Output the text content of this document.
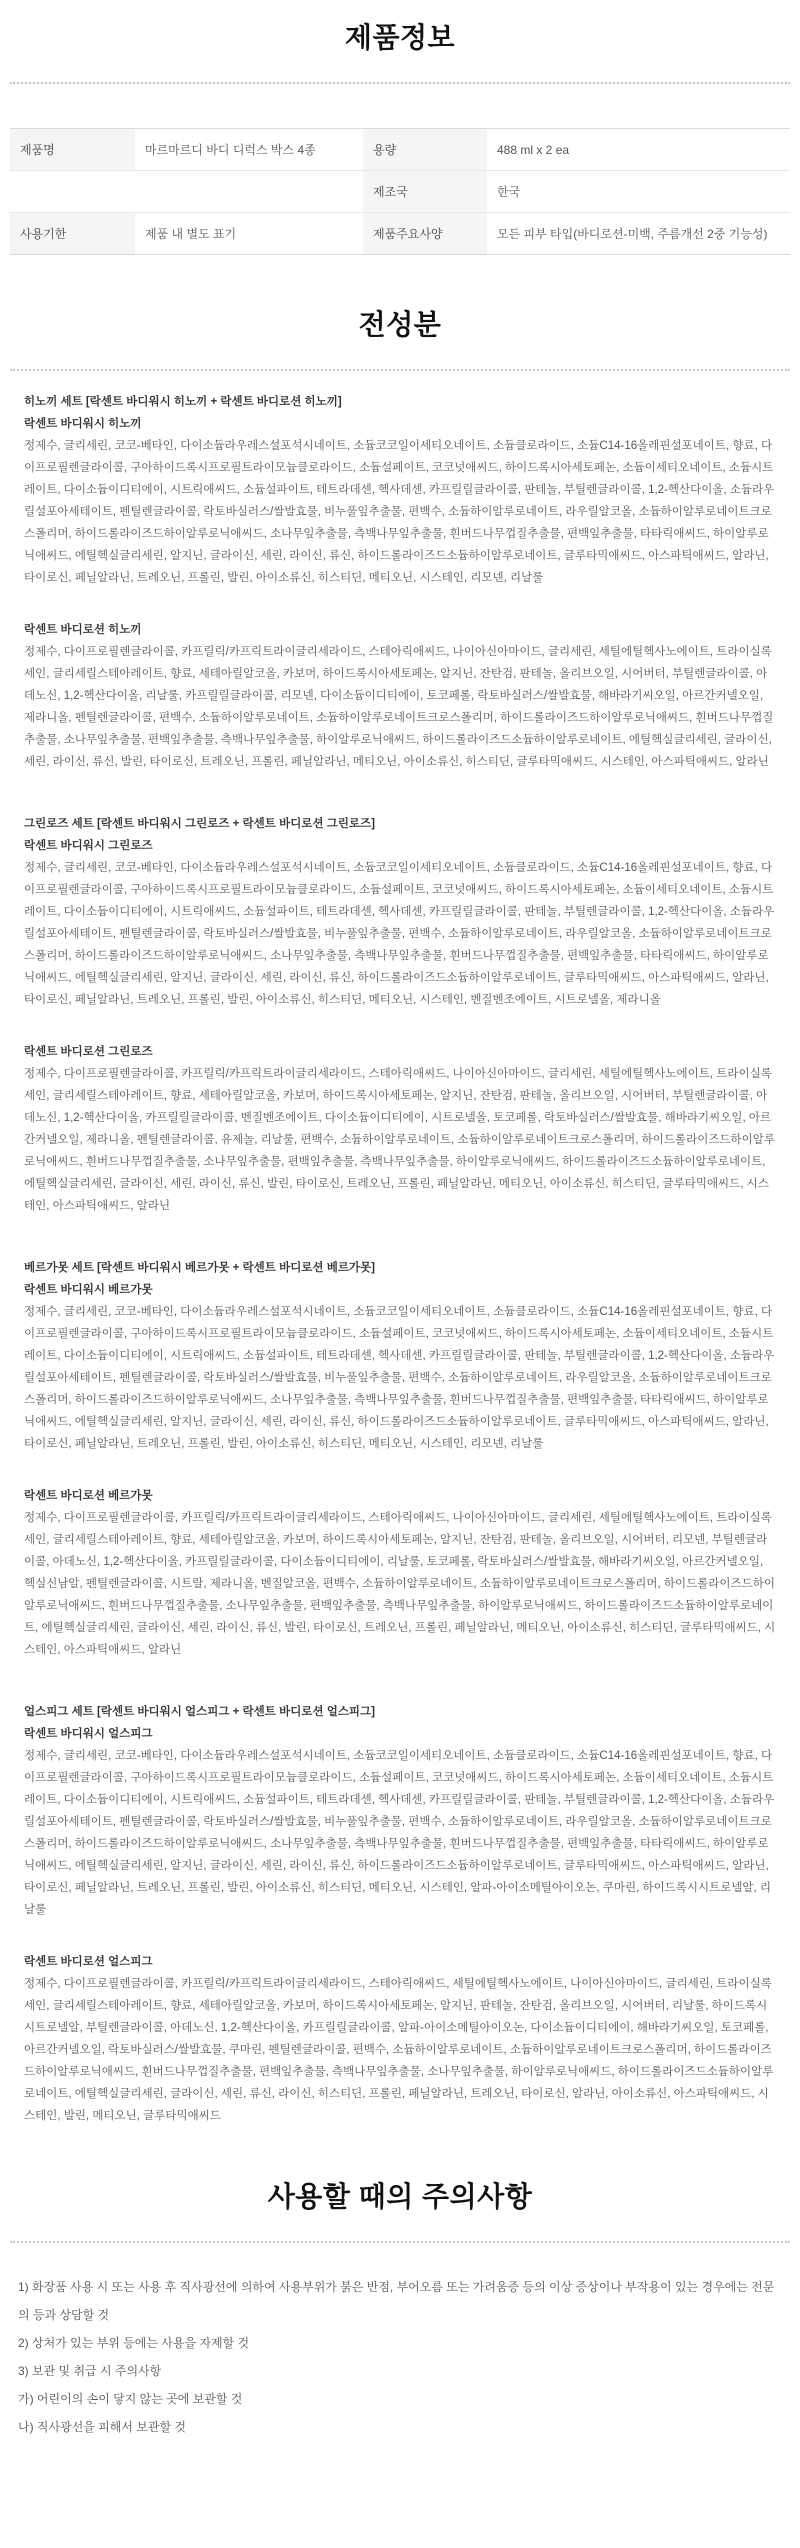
제품정보
제품명	마르마르디 바디 디럭스 박스 4종	용량	488 ml x 2 ea
		제조국	한국
사용기한	제품 내 별도 표기	제품주요사양	모든 피부 타입(바디로션-미백, 주름개선 2중 기능성)
전성분
히노끼 세트 [락센트 바디워시 히노끼 + 락센트 바디로션 히노끼]
락센트 바디워시 히노끼

정제수, 글리세린, 코코-베타인, 다이소듐라우레스설포석시네이트, 소듐코코일이세티오네이트, 소듐클로라이드, 소듐C14-16올레핀설포네이트, 향료, 다이프로필렌글라이콜, 구아하이드록시프로필트라이모늄클로라이드, 소듐설페이트, 코코넛애씨드, 하이드록시아세토페논, 소듐이세티오네이트, 소듐시트레이트, 다이소듐이디티에이, 시트릭애씨드, 소듐설파이트, 테트라데센, 헥사데센, 카프릴릴글라이콜, 판테놀, 부틸렌글라이콜, 1,2-헥산다이올, 소듐라우릴설포아세테이트, 펜틸렌글라이콜, 락토바실러스/쌀발효물, 비누풀잎추출물, 편백수, 소듐하이알루로네이트, 라우릴알코올, 소듐하이알루로네이트크로스폴리머, 하이드롤라이즈드하이알루로닉애씨드, 소나무잎추출물, 측백나무잎추출물, 흰버드나무껍질추출물, 편백잎추출물, 타타릭애씨드, 하이알루로닉애씨드, 에틸헥실글리세린, 알지닌, 글라이신, 세린, 라이신, 류신, 하이드롤라이즈드소듐하이알루로네이트, 글루타믹애씨드, 아스파틱애씨드, 알라닌, 타이로신, 페닐알라닌, 트레오닌, 프롤린, 발린, 아이소류신, 히스티딘, 메티오닌, 시스테인, 리모넨, 리날룰

락센트 바디로션 히노끼

정제수, 다이프로필렌글라이콜, 카프릴릭/카프릭트라이글리세라이드, 스테아릭애씨드, 나이아신아마이드, 글리세린, 세틸에틸헥사노에이트, 트라이실록세인, 글리세릴스테아레이트, 향료, 세테아릴알코올, 카보머, 하이드록시아세토페논, 알지닌, 잔탄검, 판테놀, 올리브오일, 시어버터, 부틸렌글라이콜, 아데노신, 1,2-헥산다이올, 리날룰, 카프릴릴글라이콜, 리모넨, 다이소듐이디티에이, 토코페롤, 락토바실러스/쌀발효물, 해바라기씨오일, 아르간커넬오일, 제라니올, 펜틸렌글라이콜, 편백수, 소듐하이알루로네이트, 소듐하이알루로네이트크로스폴리머, 하이드롤라이즈드하이알루로닉애씨드, 흰버드나무껍질추출물, 소나무잎추출물, 편백잎추출물, 측백나무잎추출물, 하이알루로닉애씨드, 하이드롤라이즈드소듐하이알루로네이트, 에틸헥실글리세린, 글라이신, 세린, 라이신, 류신, 발린, 타이로신, 트레오닌, 프롤린, 페닐알라닌, 메티오닌, 아이소류신, 히스티딘, 글루타믹애씨드, 시스테인, 아스파틱애씨드, 알라닌

그린로즈 세트 [락센트 바디워시 그린로즈 + 락센트 바디로션 그린로즈]
락센트 바디워시 그린로즈

정제수, 글리세린, 코코-베타인, 다이소듐라우레스설포석시네이트, 소듐코코일이세티오네이트, 소듐클로라이드, 소듐C14-16올레핀설포네이트, 향료, 다이프로필렌글라이콜, 구아하이드록시프로필트라이모늄클로라이드, 소듐설페이트, 코코넛애씨드, 하이드록시아세토페논, 소듐이세티오네이트, 소듐시트레이트, 다이소듐이디티에이, 시트릭애씨드, 소듐설파이트, 테트라데센, 헥사데센, 카프릴릴글라이콜, 판테놀, 부틸렌글라이콜, 1,2-헥산다이올, 소듐라우릴설포아세테이트, 펜틸렌글라이콜, 락토바실러스/쌀발효물, 비누풀잎추출물, 편백수, 소듐하이알루로네이트, 라우릴알코올, 소듐하이알루로네이트크로스폴리머, 하이드롤라이즈드하이알루로닉애씨드, 소나무잎추출물, 측백나무잎추출물, 흰버드나무껍질추출물, 편백잎추출물, 타타릭애씨드, 하이알루로닉애씨드, 에틸헥실글리세린, 알지닌, 글라이신, 세린, 라이신, 류신, 하이드롤라이즈드소듐하이알루로네이트, 글루타믹애씨드, 아스파틱애씨드, 알라닌, 타이로신, 페닐알라닌, 트레오닌, 프롤린, 발린, 아이소류신, 히스티딘, 메티오닌, 시스테인, 벤질벤조에이트, 시트로넬올, 제라니올

락센트 바디로션 그린로즈

정제수, 다이프로필렌글라이콜, 카프릴릭/카프릭트라이글리세라이드, 스테아릭애씨드, 나이아신아마이드, 글리세린, 세틸에틸헥사노에이트, 트라이실록세인, 글리세릴스테아레이트, 향료, 세테아릴알코올, 카보머, 하이드록시아세토페논, 알지닌, 잔탄검, 판테놀, 올리브오일, 시어버터, 부틸렌글라이콜, 아데노신, 1,2-헥산다이올, 카프릴릴글라이콜, 벤질벤조에이트, 다이소듐이디티에이, 시트로넬올, 토코페롤, 락토바실러스/쌀발효물, 해바라기씨오일, 아르간커넬오일, 제라니올, 펜틸렌글라이콜, 유제놀, 리날룰, 편백수, 소듐하이알루로네이트, 소듐하이알루로네이트크로스폴리머, 하이드롤라이즈드하이알루로닉애씨드, 흰버드나무껍질추출물, 소나무잎추출물, 편백잎추출물, 측백나무잎추출물, 하이알루로닉애씨드, 하이드롤라이즈드소듐하이알루로네이트, 에틸헥실글리세린, 글라이신, 세린, 라이신, 류신, 발린, 타이로신, 트레오닌, 프롤린, 페닐알라닌, 메티오닌, 아이소류신, 히스티딘, 글루타믹애씨드, 시스테인, 아스파틱애씨드, 알라닌

베르가못 세트 [락센트 바디워시 베르가못 + 락센트 바디로션 베르가못]
락센트 바디워시 베르가못

정제수, 글리세린, 코코-베타인, 다이소듐라우레스설포석시네이트, 소듐코코일이세티오네이트, 소듐클로라이드, 소듐C14-16올레핀설포네이트, 향료, 다이프로필렌글라이콜, 구아하이드록시프로필트라이모늄클로라이드, 소듐설페이트, 코코넛애씨드, 하이드록시아세토페논, 소듐이세티오네이트, 소듐시트레이트, 다이소듐이디티에이, 시트릭애씨드, 소듐설파이트, 테트라데센, 헥사데센, 카프릴릴글라이콜, 판테놀, 부틸렌글라이콜, 1,2-헥산다이올, 소듐라우릴설포아세테이트, 펜틸렌글라이콜, 락토바실러스/쌀발효물, 비누풀잎추출물, 편백수, 소듐하이알루로네이트, 라우릴알코올, 소듐하이알루로네이트크로스폴리머, 하이드롤라이즈드하이알루로닉애씨드, 소나무잎추출물, 측백나무잎추출물, 흰버드나무껍질추출물, 편백잎추출물, 타타릭애씨드, 하이알루로닉애씨드, 에틸헥실글리세린, 알지닌, 글라이신, 세린, 라이신, 류신, 하이드롤라이즈드소듐하이알루로네이트, 글루타믹애씨드, 아스파틱애씨드, 알라닌, 타이로신, 페닐알라닌, 트레오닌, 프롤린, 발린, 아이소류신, 히스티딘, 메티오닌, 시스테인, 리모넨, 리날룰

락센트 바디로션 베르가못

정제수, 다이프로필렌글라이콜, 카프릴릭/카프릭트라이글리세라이드, 스테아릭애씨드, 나이아신아마이드, 글리세린, 세틸에틸헥사노에이트, 트라이실록세인, 글리세릴스테아레이트, 향료, 세테아릴알코올, 카보머, 하이드록시아세토페논, 알지닌, 잔탄검, 판테놀, 올리브오일, 시어버터, 리모넨, 부틸렌글라이콜, 아데노신, 1,2-헥산다이올, 카프릴릴글라이콜, 다이소듐이디티에이, 리날룰, 토코페롤, 락토바실러스/쌀발효물, 해바라기씨오일, 아르간커넬오일, 헥실신남알, 펜틸렌글라이콜, 시트랄, 제라니올, 벤질알코올, 편백수, 소듐하이알루로네이트, 소듐하이알루로네이트크로스폴리머, 하이드롤라이즈드하이알루로닉애씨드, 흰버드나무껍질추출물, 소나무잎추출물, 편백잎추출물, 측백나무잎추출물, 하이알루로닉애씨드, 하이드롤라이즈드소듐하이알루로네이트, 에틸헥실글리세린, 글라이신, 세린, 라이신, 류신, 발린, 타이로신, 트레오닌, 프롤린, 페닐알라닌, 메티오닌, 아이소류신, 히스티딘, 글루타믹애씨드, 시스테인, 아스파틱애씨드, 알라닌

얼스피그 세트 [락센트 바디워시 얼스피그 + 락센트 바디로션 얼스피그]
락센트 바디워시 얼스피그

정제수, 글리세린, 코코-베타인, 다이소듐라우레스설포석시네이트, 소듐코코일이세티오네이트, 소듐클로라이드, 소듐C14-16올레핀설포네이트, 향료, 다이프로필렌글라이콜, 구아하이드록시프로필트라이모늄클로라이드, 소듐설페이트, 코코넛애씨드, 하이드록시아세토페논, 소듐이세티오네이트, 소듐시트레이트, 다이소듐이디티에이, 시트릭애씨드, 소듐설파이트, 테트라데센, 헥사데센, 카프릴릴글라이콜, 판테놀, 부틸렌글라이콜, 1,2-헥산다이올, 소듐라우릴설포아세테이트, 펜틸렌글라이콜, 락토바실러스/쌀발효물, 비누풀잎추출물, 편백수, 소듐하이알루로네이트, 라우릴알코올, 소듐하이알루로네이트크로스폴리머, 하이드롤라이즈드하이알루로닉애씨드, 소나무잎추출물, 측백나무잎추출물, 흰버드나무껍질추출물, 편백잎추출물, 타타릭애씨드, 하이알루로닉애씨드, 에틸헥실글리세린, 알지닌, 글라이신, 세린, 라이신, 류신, 하이드롤라이즈드소듐하이알루로네이트, 글루타믹애씨드, 아스파틱애씨드, 알라닌, 타이로신, 페닐알라닌, 트레오닌, 프롤린, 발린, 아이소류신, 히스티딘, 메티오닌, 시스테인, 알파-아이소메틸아이오논, 쿠마린, 하이드록시시트로넬알, 리날룰

락센트 바디로션 얼스피그

정제수, 다이프로필렌글라이콜, 카프릴릭/카프릭트라이글리세라이드, 스테아릭애씨드, 세틸에틸헥사노에이트, 나이아신아마이드, 글리세린, 트라이실록세인, 글리세릴스테아레이트, 향료, 세테아릴알코올, 카보머, 하이드록시아세토페논, 알지닌, 판테놀, 잔탄검, 올리브오일, 시어버터, 리날룰, 하이드록시시트로넬알, 부틸렌글라이콜, 아데노신, 1,2-헥산다이올, 카프릴릴글라이콜, 알파-아이소메틸아이오논, 다이소듐이디티에이, 해바라기씨오일, 토코페롤, 아르간커넬오일, 락토바실러스/쌀발효물, 쿠마린, 펜틸렌글라이콜, 편백수, 소듐하이알루로네이트, 소듐하이알루로네이트크로스폴리머, 하이드롤라이즈드하이알루로닉애씨드, 흰버드나무껍질추출물, 편백잎추출물, 측백나무잎추출물, 소나무잎추출물, 하이알루로닉애씨드, 하이드롤라이즈드소듐하이알루로네이트, 에틸헥실글리세린, 글라이신, 세린, 류신, 라이신, 히스티딘, 프롤린, 페닐알라닌, 트레오닌, 타이로신, 알라닌, 아이소류신, 아스파틱애씨드, 시스테인, 발린, 메티오닌, 글루타믹애씨드

사용할 때의 주의사항

1) 화장품 사용 시 또는 사용 후 직사광선에 의하여 사용부위가 붉은 반점, 부어오름 또는 가려움증 등의 이상 증상이나 부작용이 있는 경우에는 전문의 등과 상담할 것

2) 상처가 있는 부위 등에는 사용을 자제할 것

3) 보관 및 취급 시 주의사항

가) 어린이의 손이 닿지 않는 곳에 보관할 것

나) 직사광선을 피해서 보관할 것
